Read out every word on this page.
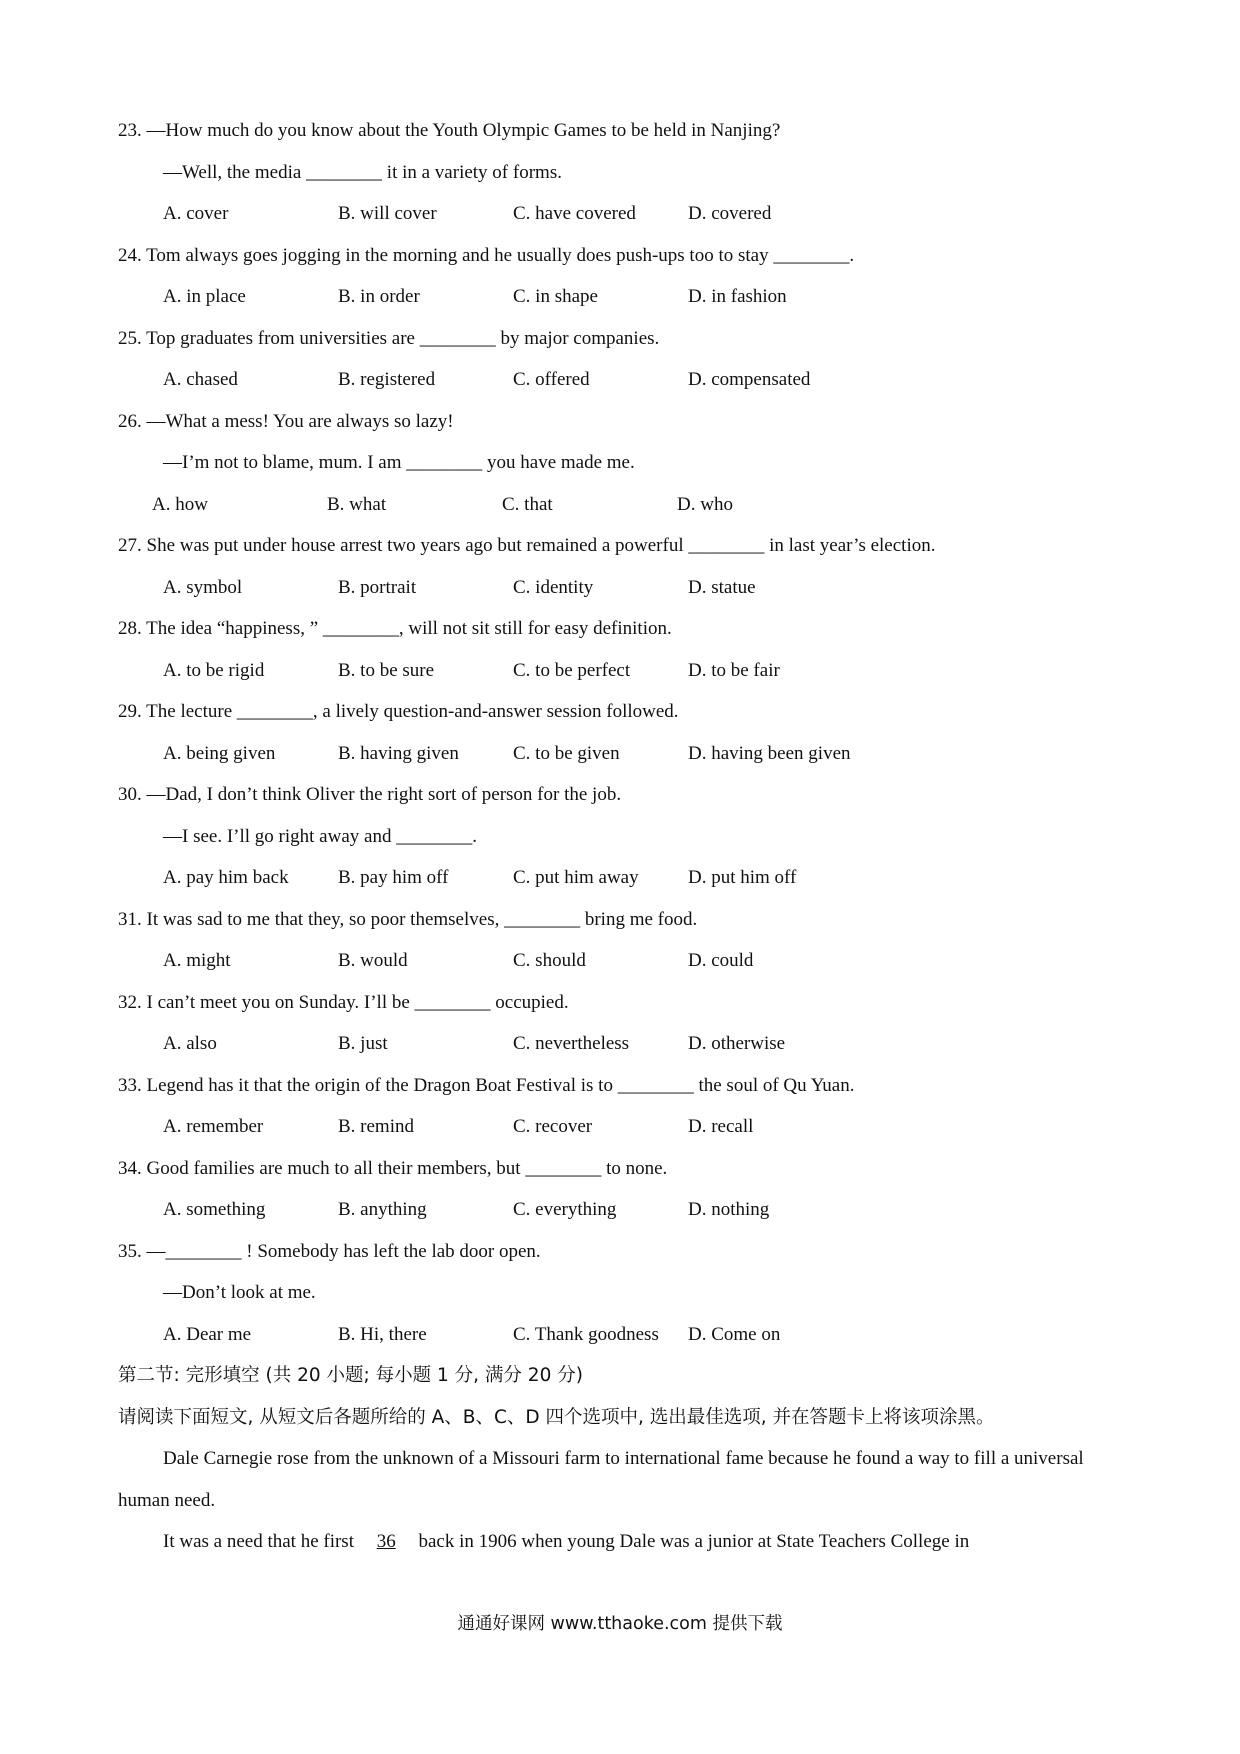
23. —How much do you know about the Youth Olympic Games to be held in Nanjing?
—Well, the media ________ it in a variety of forms.
A. cover	B. will cover	C. have covered	D. covered
24. Tom always goes jogging in the morning and he usually does push-ups too to stay ________.
A. in place	B. in order	C. in shape	D. in fashion
25. Top graduates from universities are ________ by major companies.
A. chased	B. registered	C. offered	D. compensated
26. —What a mess! You are always so lazy!
—I’m not to blame, mum. I am ________ you have made me.
A. how	B. what	C. that	D. who
27. She was put under house arrest two years ago but remained a powerful ________ in last year’s election.
A. symbol	B. portrait	C. identity	D. statue
28. The idea “happiness, ” ________, will not sit still for easy definition.
A. to be rigid	B. to be sure	C. to be perfect	D. to be fair
29. The lecture ________, a lively question-and-answer session followed.
A. being given	B. having given	C. to be given	D. having been given
30. —Dad, I don’t think Oliver the right sort of person for the job.
—I see. I’ll go right away and ________.
A. pay him back	B. pay him off	C. put him away	D. put him off
31. It was sad to me that they, so poor themselves, ________ bring me food.
A. might	B. would	C. should	D. could
32. I can’t meet you on Sunday. I’ll be ________ occupied.
A. also	B. just	C. nevertheless	D. otherwise
33. Legend has it that the origin of the Dragon Boat Festival is to ________ the soul of Qu Yuan.
A. remember	B. remind	C. recover	D. recall
34. Good families are much to all their members, but ________ to none.
A. something	B. anything	C. everything	D. nothing
35. —________ ! Somebody has left the lab door open.
—Don’t look at me.
A. Dear me	B. Hi, there	C. Thank goodness	D. Come on
第二节: 完形填空 (共 20 小题; 每小题 1 分, 满分 20 分)
请阅读下面短文, 从短文后各题所给的 A、B、C、D 四个选项中, 选出最佳选项, 并在答题卡上将该项涂黑。
Dale Carnegie rose from the unknown of a Missouri farm to international fame because he found a way to fill a universal human need.
It was a need that he first 36 back in 1906 when young Dale was a junior at State Teachers College in
通通好课网 www.tthaoke.com 提供下载
